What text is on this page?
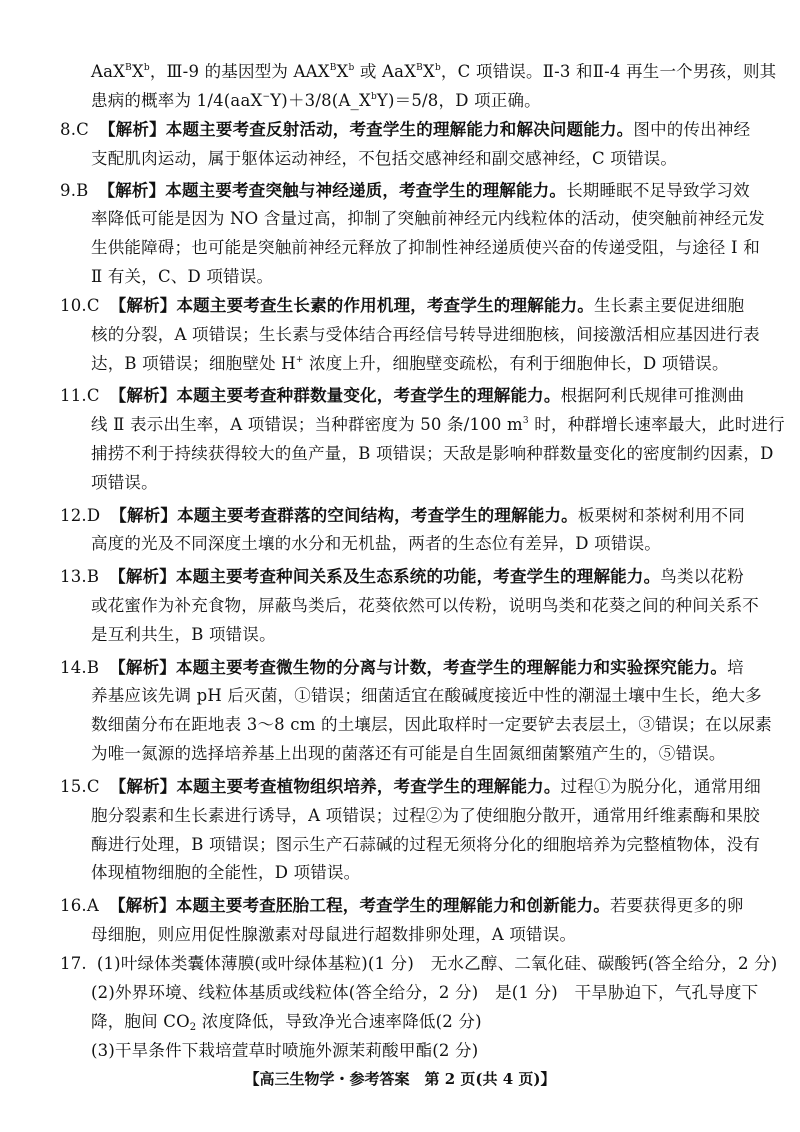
$AaX^BX^b$，Ⅲ-9 的基因型为 $AAX^BX^b$ 或 $AaX^BX^b$，C 项错误。Ⅱ-3 和Ⅱ-4 再生一个男孩，则其
患病的概率为 $1/4(aaX^-Y)+3/8(A\_X^bY)=5/8$，D 项正确。
8.C 【解析】本题主要考查反射活动，考查学生的理解能力和解决问题能力。图中的传出神经
支配肌肉运动，属于躯体运动神经，不包括交感神经和副交感神经，C 项错误。
9.B 【解析】本题主要考查突触与神经递质，考查学生的理解能力。长期睡眠不足导致学习效
率降低可能是因为 NO 含量过高，抑制了突触前神经元内线粒体的活动，使突触前神经元发
生供能障碍；也可能是突触前神经元释放了抑制性神经递质使兴奋的传递受阻，与途径 Ⅰ 和
Ⅱ 有关，C、D 项错误。
10.C 【解析】本题主要考查生长素的作用机理，考查学生的理解能力。生长素主要促进细胞
核的分裂，A 项错误；生长素与受体结合再经信号转导进细胞核，间接激活相应基因进行表
达，B 项错误；细胞壁处 H+ 浓度上升，细胞壁变疏松，有利于细胞伸长，D 项错误。
11.C 【解析】本题主要考查种群数量变化，考查学生的理解能力。根据阿利氏规律可推测曲
线 Ⅱ 表示出生率，A 项错误；当种群密度为 50 条/100 $m^3$ 时，种群增长速率最大，此时进行
捕捞不利于持续获得较大的鱼产量，B 项错误；天敌是影响种群数量变化的密度制约因素，D
项错误。
12.D 【解析】本题主要考查群落的空间结构，考查学生的理解能力。板栗树和茶树利用不同
高度的光及不同深度土壤的水分和无机盐，两者的生态位有差异，D 项错误。
13.B 【解析】本题主要考查种间关系及生态系统的功能，考查学生的理解能力。鸟类以花粉
或花蜜作为补充食物，屏蔽鸟类后，花葵依然可以传粉，说明鸟类和花葵之间的种间关系不
是互利共生，B 项错误。
14.B 【解析】本题主要考查微生物的分离与计数，考查学生的理解能力和实验探究能力。培
养基应该先调 pH 后灭菌，①错误；细菌适宜在酸碱度接近中性的潮湿土壤中生长，绝大多
数细菌分布在距地表 3～8 cm 的土壤层，因此取样时一定要铲去表层土，③错误；在以尿素
为唯一氮源的选择培养基上出现的菌落还有可能是自生固氮细菌繁殖产生的，⑤错误。
15.C 【解析】本题主要考查植物组织培养，考查学生的理解能力。过程①为脱分化，通常用细
胞分裂素和生长素进行诱导，A 项错误；过程②为了使细胞分散开，通常用纤维素酶和果胶
酶进行处理，B 项错误；图示生产石蒜碱的过程无须将分化的细胞培养为完整植物体，没有
体现植物细胞的全能性，D 项错误。
16.A 【解析】本题主要考查胚胎工程，考查学生的理解能力和创新能力。若要获得更多的卵
母细胞，则应用促性腺激素对母鼠进行超数排卵处理，A 项错误。
17. (1)叶绿体类囊体薄膜(或叶绿体基粒)(1 分)　无水乙醇、二氧化硅、碳酸钙(答全给分，2 分)
(2)外界环境、线粒体基质或线粒体(答全给分，2 分)　是(1 分)　干旱胁迫下，气孔导度下
降，胞间 $CO_2$ 浓度降低，导致净光合速率降低(2 分)
(3)干旱条件下栽培萱草时喷施外源茉莉酸甲酯(2 分)
【高三生物学・参考答案　第 2 页(共 4 页)】
